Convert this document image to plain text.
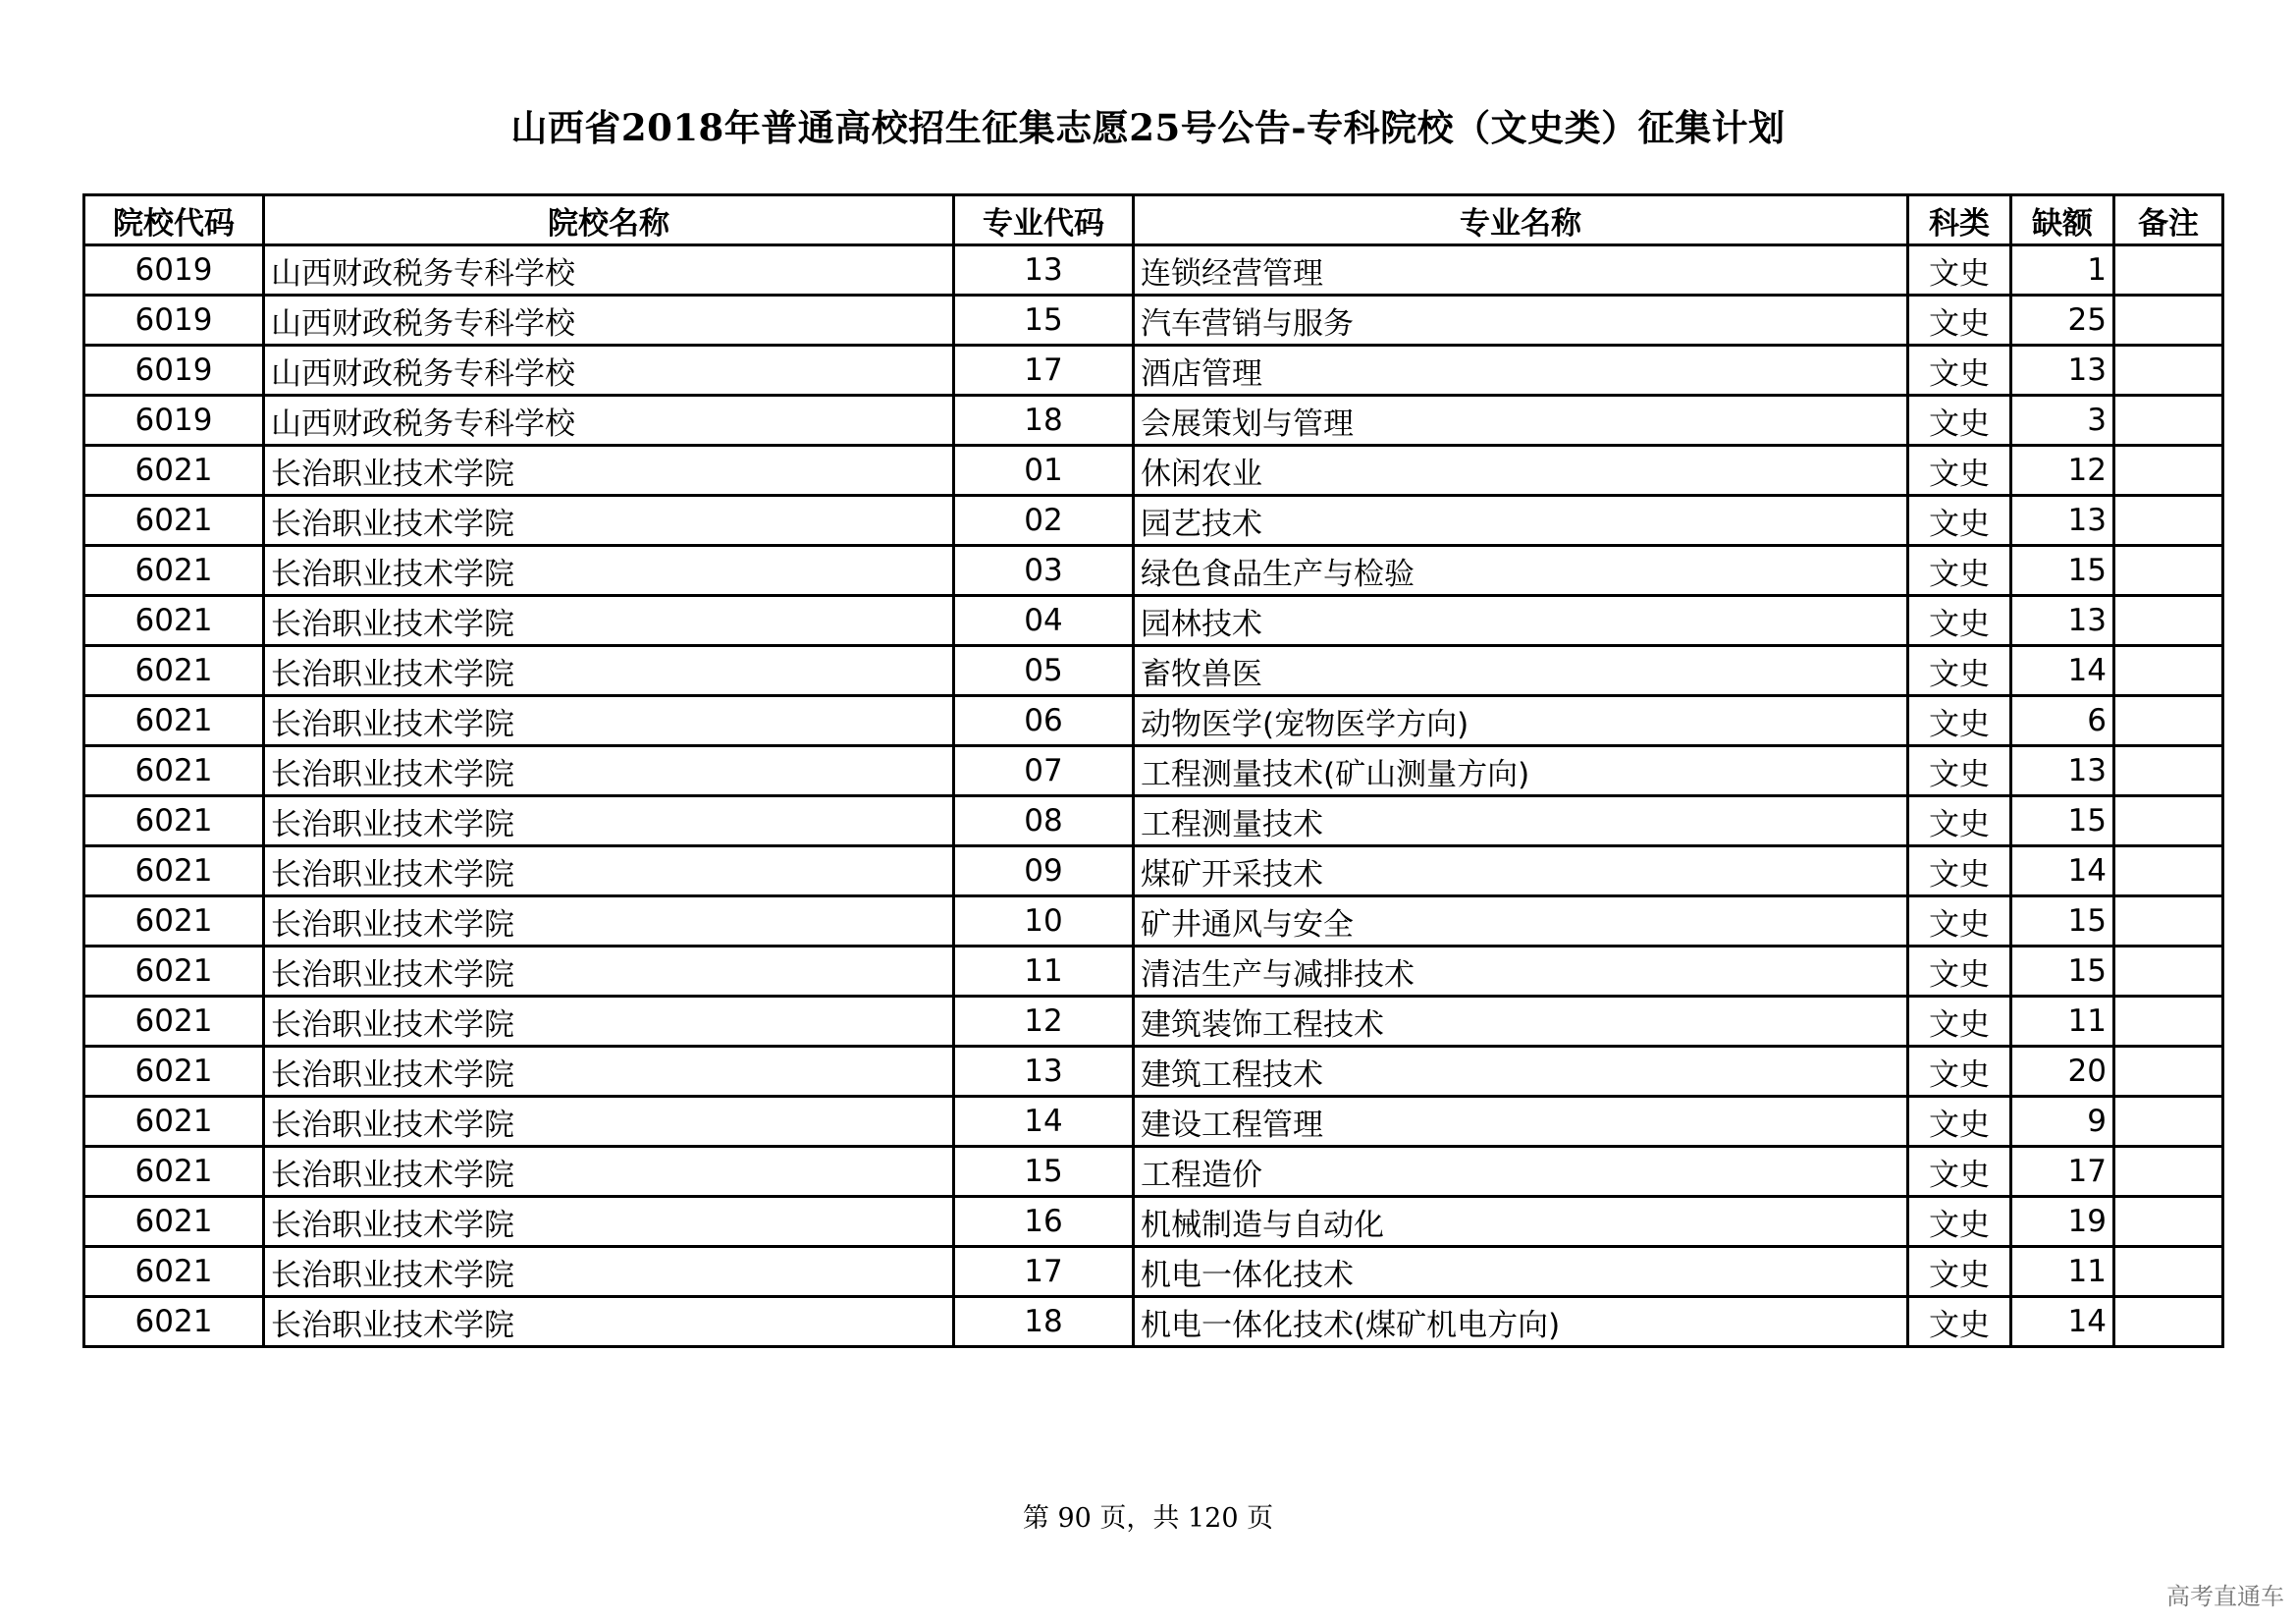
山西省2018年普通高校招生征集志愿25号公告-专科院校（文史类）征集计划
院校代码	院校名称	专业代码	专业名称	科类	缺额	备注
6019	山西财政税务专科学校	13	连锁经营管理	文史	1	
6019	山西财政税务专科学校	15	汽车营销与服务	文史	25	
6019	山西财政税务专科学校	17	酒店管理	文史	13	
6019	山西财政税务专科学校	18	会展策划与管理	文史	3	
6021	长治职业技术学院	01	休闲农业	文史	12	
6021	长治职业技术学院	02	园艺技术	文史	13	
6021	长治职业技术学院	03	绿色食品生产与检验	文史	15	
6021	长治职业技术学院	04	园林技术	文史	13	
6021	长治职业技术学院	05	畜牧兽医	文史	14	
6021	长治职业技术学院	06	动物医学(宠物医学方向)	文史	6	
6021	长治职业技术学院	07	工程测量技术(矿山测量方向)	文史	13	
6021	长治职业技术学院	08	工程测量技术	文史	15	
6021	长治职业技术学院	09	煤矿开采技术	文史	14	
6021	长治职业技术学院	10	矿井通风与安全	文史	15	
6021	长治职业技术学院	11	清洁生产与减排技术	文史	15	
6021	长治职业技术学院	12	建筑装饰工程技术	文史	11	
6021	长治职业技术学院	13	建筑工程技术	文史	20	
6021	长治职业技术学院	14	建设工程管理	文史	9	
6021	长治职业技术学院	15	工程造价	文史	17	
6021	长治职业技术学院	16	机械制造与自动化	文史	19	
6021	长治职业技术学院	17	机电一体化技术	文史	11	
6021	长治职业技术学院	18	机电一体化技术(煤矿机电方向)	文史	14	
第 90 页，共 120 页
高考直通车
